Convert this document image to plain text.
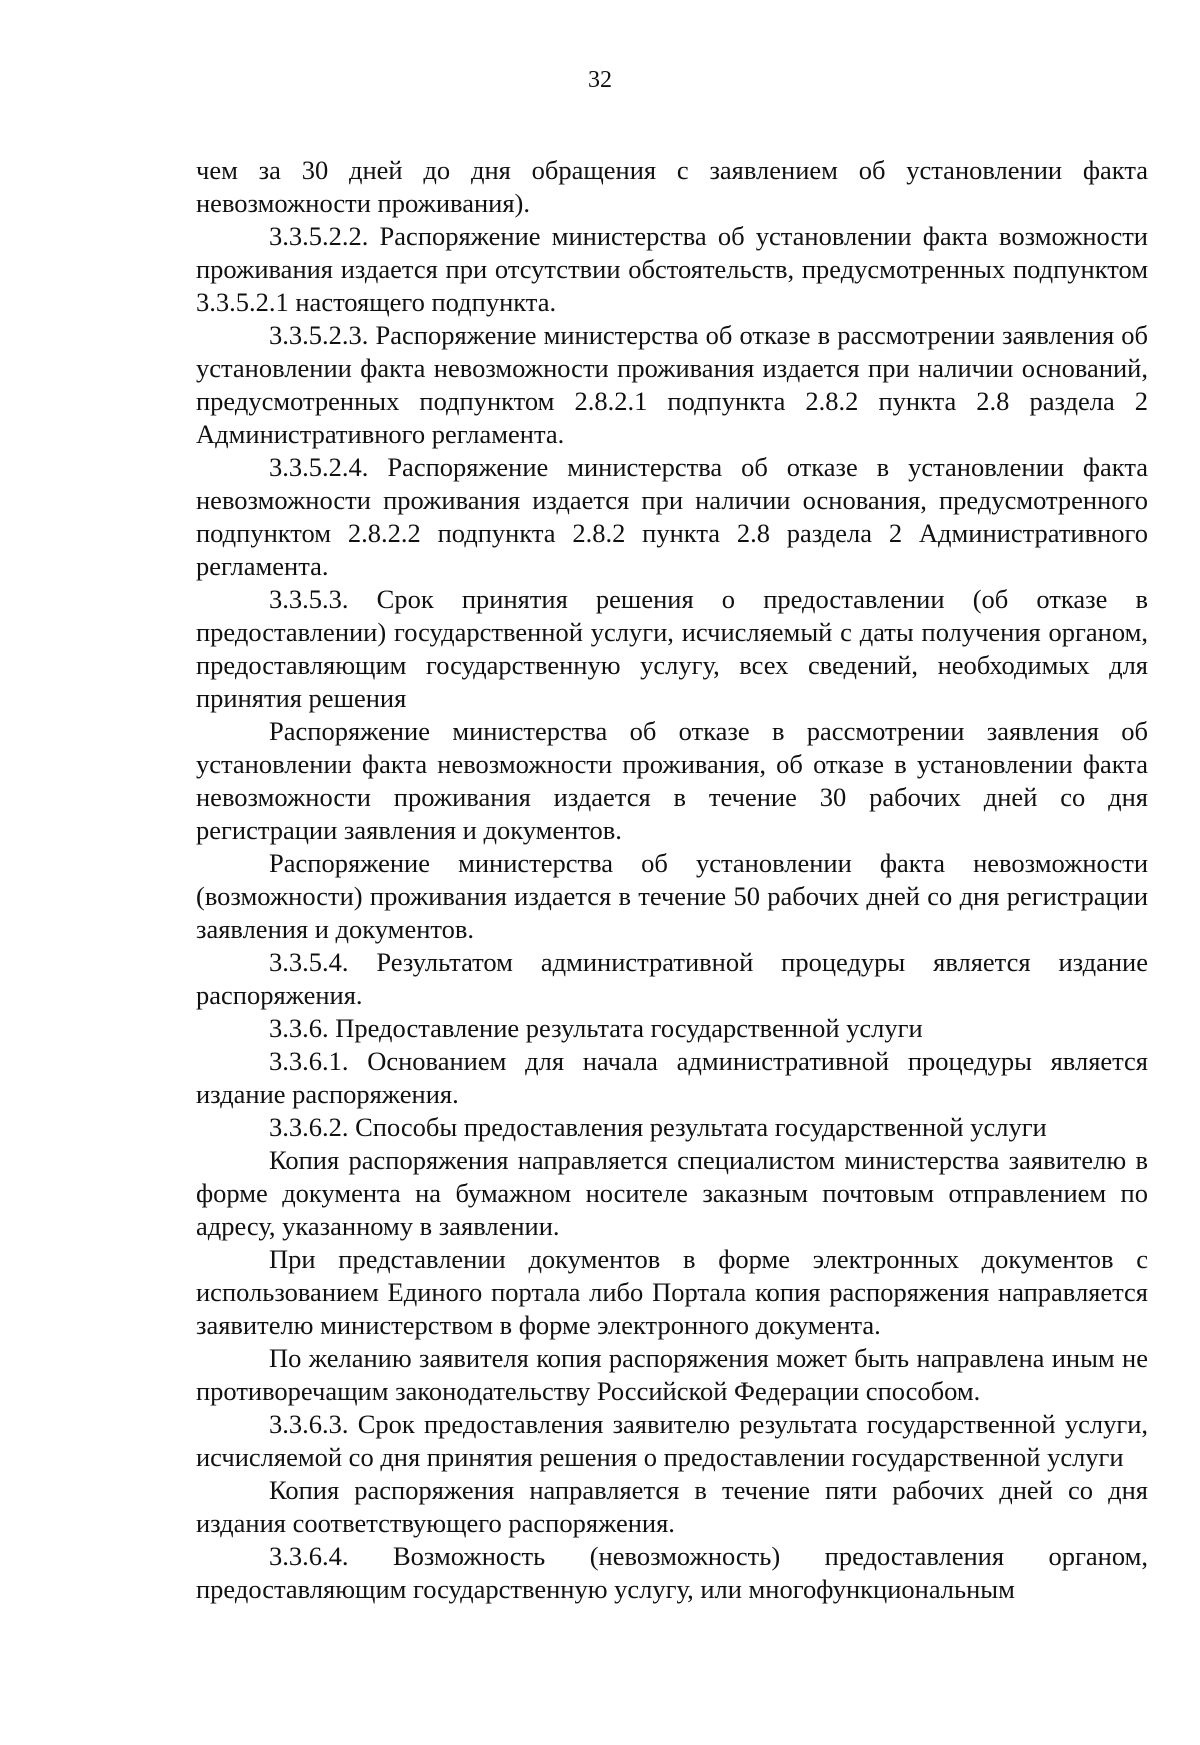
32

чем за 30 дней до дня обращения с заявлением об установлении факта невозможности проживания).

3.3.5.2.2. Распоряжение министерства об установлении факта возможности проживания издается при отсутствии обстоятельств, предусмотренных подпунктом 3.3.5.2.1 настоящего подпункта.

3.3.5.2.3. Распоряжение министерства об отказе в рассмотрении заявления об установлении факта невозможности проживания издается при наличии оснований, предусмотренных подпунктом 2.8.2.1 подпункта 2.8.2 пункта 2.8 раздела 2 Административного регламента.

3.3.5.2.4. Распоряжение министерства об отказе в установлении факта невозможности проживания издается при наличии основания, предусмотренного подпунктом 2.8.2.2 подпункта 2.8.2 пункта 2.8 раздела 2 Административного регламента.

3.3.5.3. Срок принятия решения о предоставлении (об отказе в предоставлении) государственной услуги, исчисляемый с даты получения органом, предоставляющим государственную услугу, всех сведений, необходимых для принятия решения

Распоряжение министерства об отказе в рассмотрении заявления об установлении факта невозможности проживания, об отказе в установлении факта невозможности проживания издается в течение 30 рабочих дней со дня регистрации заявления и документов.

Распоряжение министерства об установлении факта невозможности (возможности) проживания издается в течение 50 рабочих дней со дня регистрации заявления и документов.

3.3.5.4. Результатом административной процедуры является издание распоряжения.

3.3.6. Предоставление результата государственной услуги

3.3.6.1. Основанием для начала административной процедуры является издание распоряжения.

3.3.6.2. Способы предоставления результата государственной услуги

Копия распоряжения направляется специалистом министерства заявителю в форме документа на бумажном носителе заказным почтовым отправлением по адресу, указанному в заявлении.

При представлении документов в форме электронных документов с использованием Единого портала либо Портала копия распоряжения направляется заявителю министерством в форме электронного документа.

По желанию заявителя копия распоряжения может быть направлена иным не противоречащим законодательству Российской Федерации способом.

3.3.6.3. Срок предоставления заявителю результата государственной услуги, исчисляемой со дня принятия решения о предоставлении государственной услуги

Копия распоряжения направляется в течение пяти рабочих дней со дня издания соответствующего распоряжения.

3.3.6.4. Возможность (невозможность) предоставления органом, предоставляющим государственную услугу, или многофункциональным
